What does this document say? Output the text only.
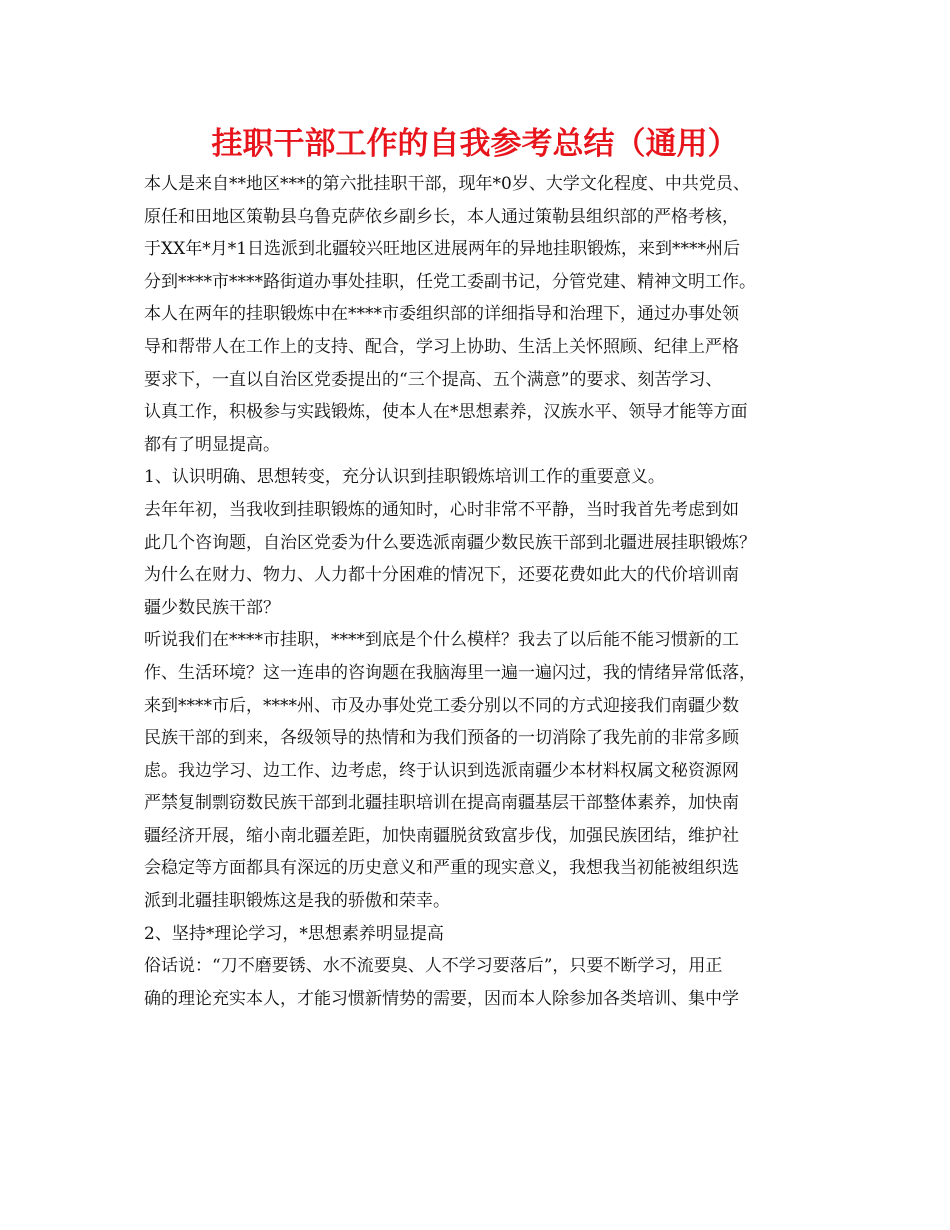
挂职干部工作的自我参考总结（通用）
本人是来自**地区***的第六批挂职干部，现年*0岁、大学文化程度、中共党员、
原任和田地区策勒县乌鲁克萨依乡副乡长，本人通过策勒县组织部的严格考核，
于XX年*月*1日选派到北疆较兴旺地区进展两年的异地挂职锻炼，来到****州后
分到****市****路街道办事处挂职，任党工委副书记，分管党建、精神文明工作。
本人在两年的挂职锻炼中在****市委组织部的详细指导和治理下，通过办事处领
导和帮带人在工作上的支持、配合，学习上协助、生活上关怀照顾、纪律上严格
要求下，一直以自治区党委提出的“三个提高、五个满意”的要求、刻苦学习、
认真工作，积极参与实践锻炼，使本人在*思想素养，汉族水平、领导才能等方面
都有了明显提高。
1、认识明确、思想转变，充分认识到挂职锻炼培训工作的重要意义。
去年年初，当我收到挂职锻炼的通知时，心时非常不平静，当时我首先考虑到如
此几个咨询题，自治区党委为什么要选派南疆少数民族干部到北疆进展挂职锻炼？
为什么在财力、物力、人力都十分困难的情况下，还要花费如此大的代价培训南
疆少数民族干部？
听说我们在****市挂职，****到底是个什么模样？我去了以后能不能习惯新的工
作、生活环境？这一连串的咨询题在我脑海里一遍一遍闪过，我的情绪异常低落，
来到****市后，****州、市及办事处党工委分别以不同的方式迎接我们南疆少数
民族干部的到来，各级领导的热情和为我们预备的一切消除了我先前的非常多顾
虑。我边学习、边工作、边考虑，终于认识到选派南疆少本材料权属文秘资源网
严禁复制剽窃数民族干部到北疆挂职培训在提高南疆基层干部整体素养，加快南
疆经济开展，缩小南北疆差距，加快南疆脱贫致富步伐，加强民族团结，维护社
会稳定等方面都具有深远的历史意义和严重的现实意义，我想我当初能被组织选
派到北疆挂职锻炼这是我的骄傲和荣幸。
2、坚持*理论学习，*思想素养明显提高
俗话说：“刀不磨要锈、水不流要臭、人不学习要落后”，只要不断学习，用正
确的理论充实本人，才能习惯新情势的需要，因而本人除参加各类培训、集中学
